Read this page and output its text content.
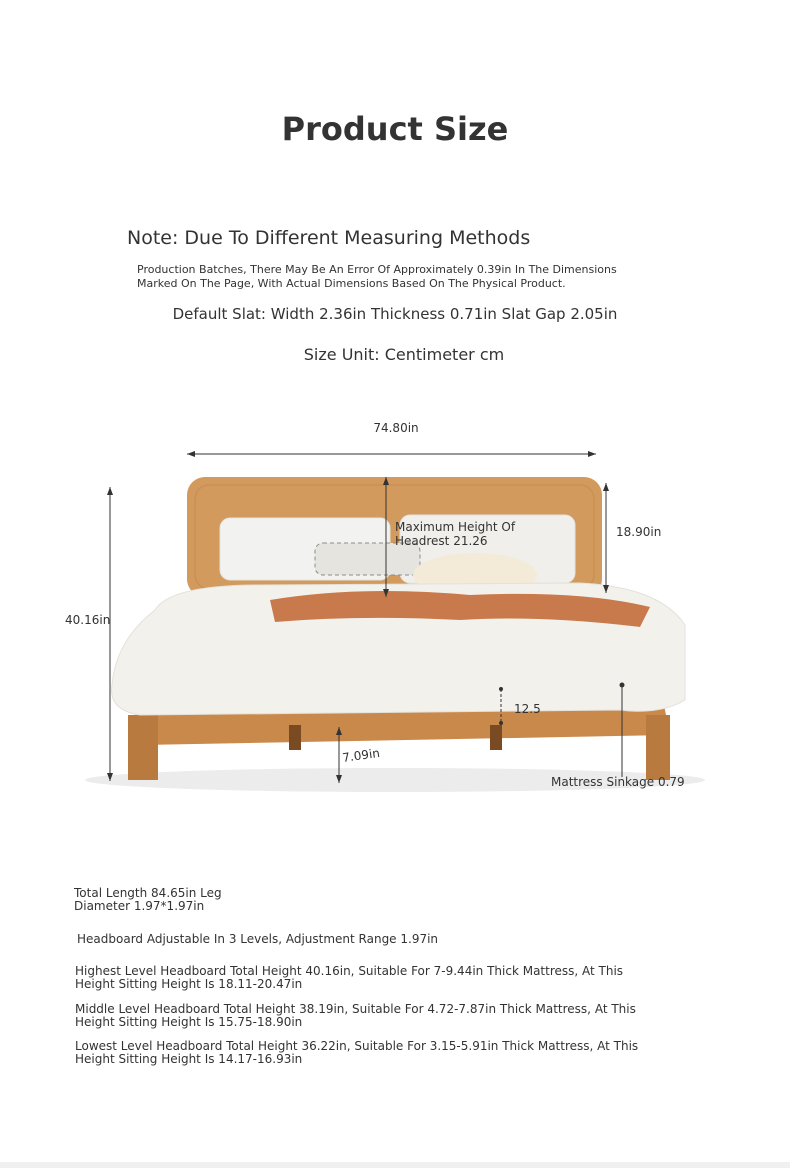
Product Size
Note: Due To Different Measuring Methods
Production Batches, There May Be An Error Of Approximately 0.39in In The Dimensions Marked On The Page, With Actual Dimensions Based On The Physical Product.
Default Slat: Width 2.36in Thickness 0.71in Slat Gap 2.05in
Size Unit: Centimeter cm
74.80in
40.16in
Maximum Height Of
Headrest 21.26
18.90in
12.5
7.09in
Mattress Sinkage 0.79
Total Length 84.65in Leg Diameter 1.97*1.97in
Headboard Adjustable In 3 Levels, Adjustment Range 1.97in
Highest Level Headboard Total Height 40.16in, Suitable For 7-9.44in Thick Mattress, At This Height Sitting Height Is 18.11-20.47in
Middle Level Headboard Total Height 38.19in, Suitable For 4.72-7.87in Thick Mattress, At This Height Sitting Height Is 15.75-18.90in
Lowest Level Headboard Total Height 36.22in, Suitable For 3.15-5.91in Thick Mattress, At This Height Sitting Height Is 14.17-16.93in
